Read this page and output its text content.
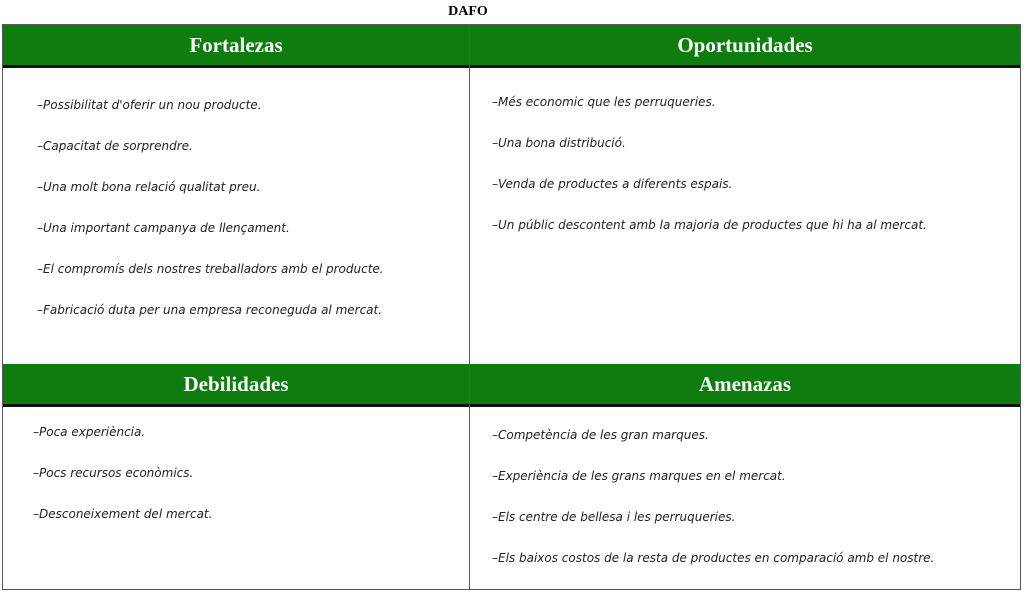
DAFO
Fortalezas
–Possibilitat d'oferir un nou producte.
–Capacitat de sorprendre.
–Una molt bona relació qualitat preu.
–Una important campanya de llençament.
–El compromís dels nostres treballadors amb el producte.
–Fabricació duta per una empresa reconeguda al mercat.
Oportunidades
–Més economic que les perruqueries.
–Una bona distribució.
–Venda de productes a diferents espais.
–Un públic descontent amb la majoria de productes que hi ha al mercat.
Debilidades
–Poca experiència.
–Pocs recursos econòmics.
–Desconeixement del mercat.
Amenazas
–Competència de les gran marques.
–Experiència de les grans marques en el mercat.
–Els centre de bellesa i les perruqueries.
–Els baixos costos de la resta de productes en comparació amb el nostre.
